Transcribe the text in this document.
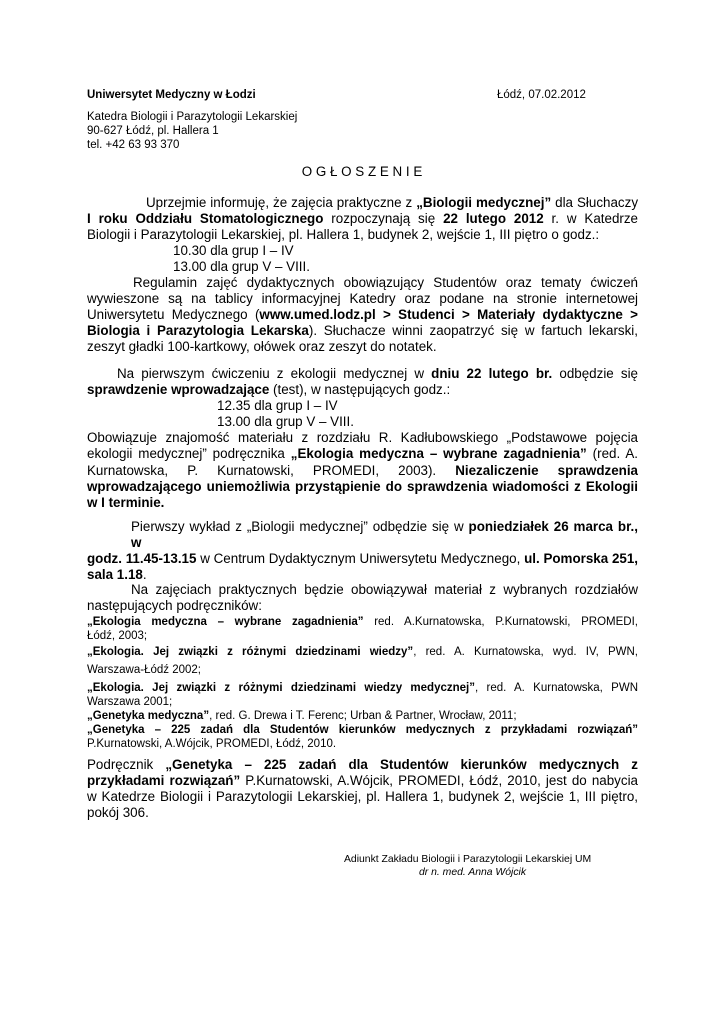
Uniwersytet Medyczny w Łodzi	Łódź, 07.02.2012
Katedra Biologii i Parazytologii Lekarskiej
90-627 Łódź, pl. Hallera 1
tel. +42 63 93 370
O G Ł O S Z E N I E
Uprzejmie informuję, że zajęcia praktyczne z „Biologii medycznej” dla Słuchaczy
I roku Oddziału Stomatologicznego rozpoczynają się 22 lutego 2012 r. w Katedrze
Biologii i Parazytologii Lekarskiej, pl. Hallera 1, budynek 2, wejście 1, III piętro o godz.:
10.30 dla grup I – IV
13.00 dla grup V – VIII.
Regulamin zajęć dydaktycznych obowiązujący Studentów oraz tematy ćwiczeń
wywieszone są na tablicy informacyjnej Katedry oraz podane na stronie internetowej
Uniwersytetu Medycznego (www.umed.lodz.pl > Studenci > Materiały dydaktyczne >
Biologia i Parazytologia Lekarska). Słuchacze winni zaopatrzyć się w fartuch lekarski,
zeszyt gładki 100-kartkowy, ołówek oraz zeszyt do notatek.
Na pierwszym ćwiczeniu z ekologii medycznej w dniu 22 lutego br. odbędzie się
sprawdzenie wprowadzające (test), w następujących godz.:
12.35 dla grup I – IV
13.00 dla grup V – VIII.
Obowiązuje znajomość materiału z rozdziału R. Kadłubowskiego „Podstawowe pojęcia
ekologii medycznej” podręcznika „Ekologia medyczna – wybrane zagadnienia” (red. A.
Kurnatowska, P. Kurnatowski, PROMEDI, 2003). Niezaliczenie sprawdzenia
wprowadzającego uniemożliwia przystąpienie do sprawdzenia wiadomości z Ekologii
w I terminie.
Pierwszy wykład z „Biologii medycznej” odbędzie się w poniedziałek 26 marca br., w
godz. 11.45-13.15 w Centrum Dydaktycznym Uniwersytetu Medycznego, ul. Pomorska 251,
sala 1.18.
Na zajęciach praktycznych będzie obowiązywał materiał z wybranych rozdziałów
następujących podręczników:
„Ekologia medyczna – wybrane zagadnienia” red. A.Kurnatowska, P.Kurnatowski, PROMEDI,
Łódź, 2003;
„Ekologia. Jej związki z różnymi dziedzinami wiedzy”, red. A. Kurnatowska, wyd. IV, PWN,
Warszawa-Łódź 2002;
„Ekologia. Jej związki z różnymi dziedzinami wiedzy medycznej”, red. A. Kurnatowska, PWN
Warszawa 2001;
„Genetyka medyczna”, red. G. Drewa i T. Ferenc; Urban & Partner, Wrocław, 2011;
„Genetyka – 225 zadań dla Studentów kierunków medycznych z przykładami rozwiązań”
P.Kurnatowski, A.Wójcik, PROMEDI, Łódź, 2010.
Podręcznik „Genetyka – 225 zadań dla Studentów kierunków medycznych z
przykładami rozwiązań” P.Kurnatowski, A.Wójcik, PROMEDI, Łódź, 2010, jest do nabycia
w Katedrze Biologii i Parazytologii Lekarskiej, pl. Hallera 1, budynek 2, wejście 1, III piętro,
pokój 306.
Adiunkt Zakładu Biologii i Parazytologii Lekarskiej UM
dr n. med. Anna Wójcik
